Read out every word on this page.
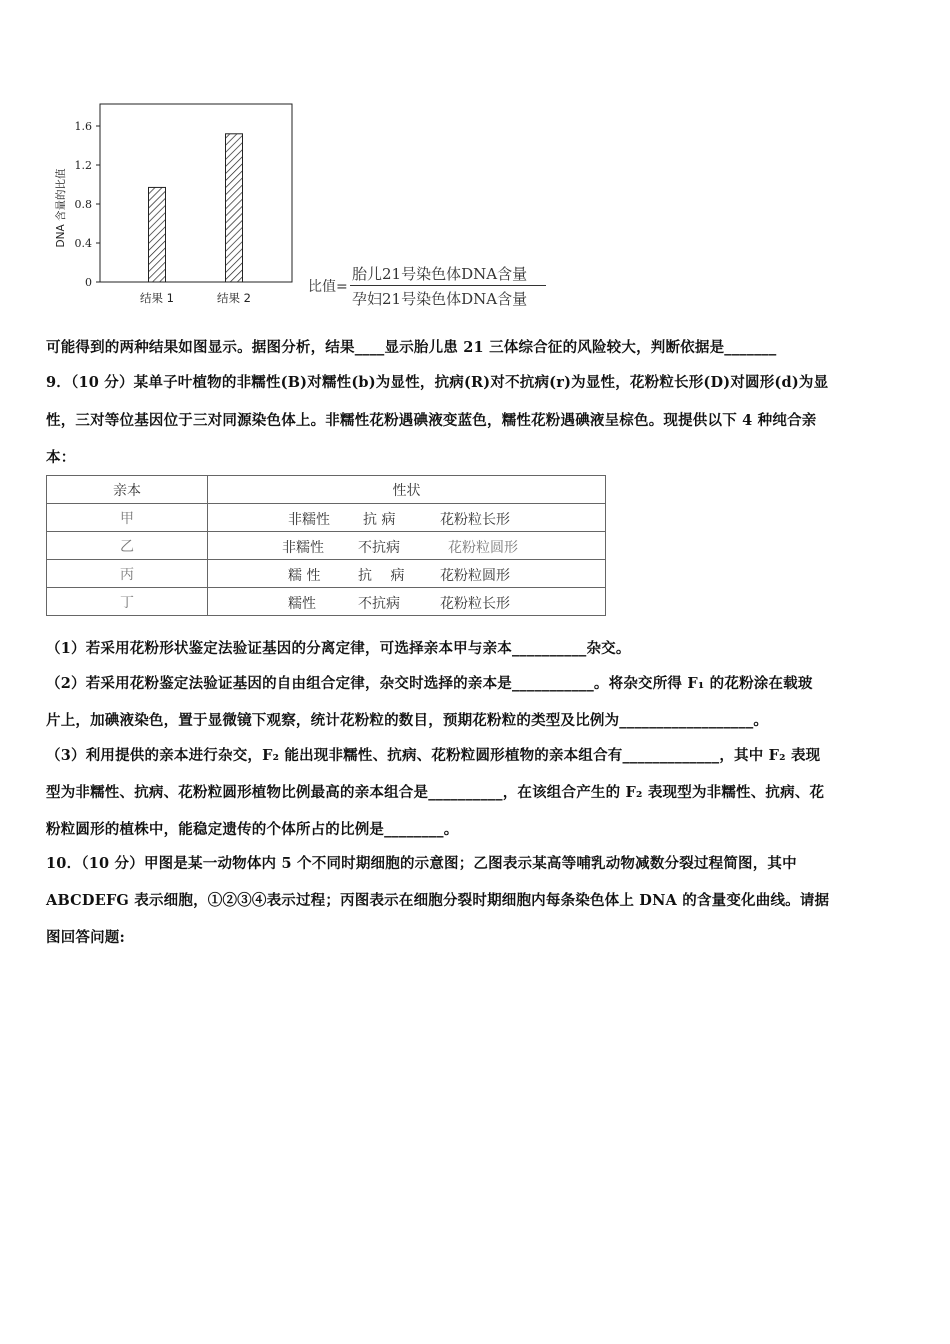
0
0.4
0.8
1.2
1.6
结果 1	结果 2
DNA 含量的比值
比值=
胎儿21号染色体DNA含量
孕妇21号染色体DNA含量
可能得到的两种结果如图显示。据图分析，结果____显示胎儿患 21 三体综合征的风险较大，判断依据是_______
9．（10 分）某单子叶植物的非糯性(B)对糯性(b)为显性，抗病(R)对不抗病(r)为显性，花粉粒长形(D)对圆形(d)为显
性，三对等位基因位于三对同源染色体上。非糯性花粉遇碘液变蓝色，糯性花粉遇碘液呈棕色。现提供以下 4 种纯合亲
本：
亲本	性状
甲	非糯性 抗 病 花粉粒长形

乙	非糯性 不抗病 花粉粒圆形

丙	糯 性 抗　 病 花粉粒圆形

丁	糯性 不抗病 花粉粒长形
（1）若采用花粉形状鉴定法验证基因的分离定律，可选择亲本甲与亲本__________杂交。
（2）若采用花粉鉴定法验证基因的自由组合定律，杂交时选择的亲本是___________。将杂交所得 F₁ 的花粉涂在载玻
片上，加碘液染色，置于显微镜下观察，统计花粉粒的数目，预期花粉粒的类型及比例为__________________。
（3）利用提供的亲本进行杂交，F₂ 能出现非糯性、抗病、花粉粒圆形植物的亲本组合有_____________，其中 F₂ 表现
型为非糯性、抗病、花粉粒圆形植物比例最高的亲本组合是__________，在该组合产生的 F₂ 表现型为非糯性、抗病、花
粉粒圆形的植株中，能稳定遗传的个体所占的比例是________。
10．（10 分）甲图是某一动物体内 5 个不同时期细胞的示意图；乙图表示某高等哺乳动物减数分裂过程简图，其中
ABCDEFG 表示细胞，①②③④表示过程；丙图表示在细胞分裂时期细胞内每条染色体上 DNA 的含量变化曲线。请据
图回答问题:
